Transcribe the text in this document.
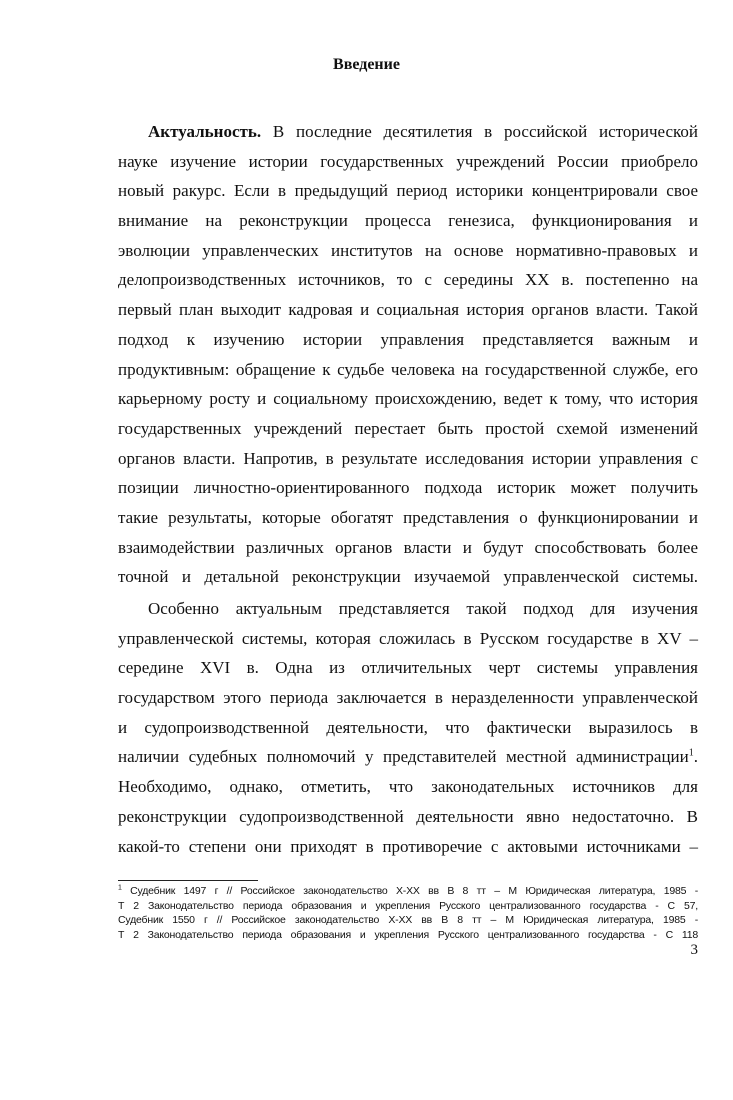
Введение
Актуальность. В последние десятилетия в российской исторической
науке изучение истории государственных учреждений России приобрело
новый ракурс. Если в предыдущий период историки концентрировали свое
внимание на реконструкции процесса генезиса, функционирования и
эволюции управленческих институтов на основе нормативно-правовых и
делопроизводственных источников, то с середины XX в. постепенно на
первый план выходит кадровая и социальная история органов власти. Такой
подход к изучению истории управления представляется важным и
продуктивным: обращение к судьбе человека на государственной службе, его
карьерному росту и социальному происхождению, ведет к тому, что история
государственных учреждений перестает быть простой схемой изменений
органов власти. Напротив, в результате исследования истории управления с
позиции личностно-ориентированного подхода историк может получить
такие результаты, которые обогатят представления о функционировании и
взаимодействии различных органов власти и будут способствовать более
точной и детальной реконструкции изучаемой управленческой системы.
Особенно актуальным представляется такой подход для изучения
управленческой системы, которая сложилась в Русском государстве в XV –
середине XVI в. Одна из отличительных черт системы управления
государством этого периода заключается в неразделенности управленческой
и судопроизводственной деятельности, что фактически выразилось в
наличии судебных полномочий у представителей местной администрации$^1$.
Необходимо, однако, отметить, что законодательных источников для
реконструкции судопроизводственной деятельности явно недостаточно. В
какой-то степени они приходят в противоречие с актовыми источниками –
$^1$ Судебник 1497 г // Российское законодательство X-XX вв В 8 тт – М Юридическая литература, 1985 -
Т 2 Законодательство периода образования и укрепления Русского централизованного государства - С 57,
Судебник 1550 г // Российское законодательство X-XX вв В 8 тт – М Юридическая литература, 1985 -
Т 2 Законодательство периода образования и укрепления Русского централизованного государства - С 118
3
